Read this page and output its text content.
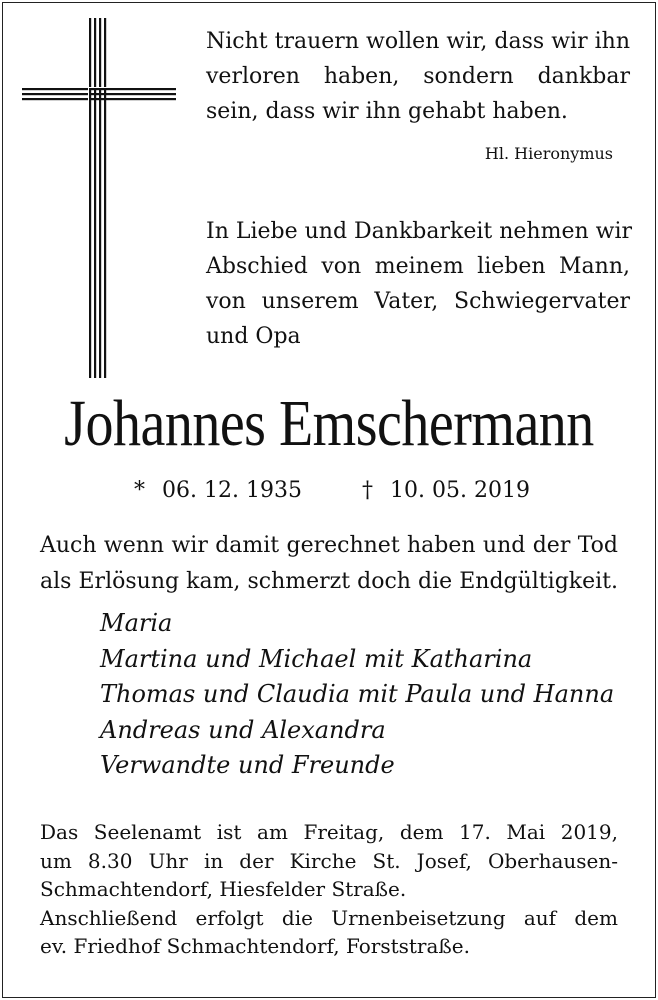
Nicht trauern wollen wir, dass wir ihn verloren haben, sondern dankbar sein, dass wir ihn gehabt haben.
Hl. Hieronymus
In Liebe und Dankbarkeit nehmen wir
Abschied von meinem lieben Mann,
von unserem Vater, Schwiegervater
und Opa
Johannes Emschermann
* 06. 12. 1935	† 10. 05. 2019
Auch wenn wir damit gerechnet haben und der Tod
als Erlösung kam, schmerzt doch die Endgültigkeit.
Maria
Martina und Michael mit Katharina
Thomas und Claudia mit Paula und Hanna
Andreas und Alexandra
Verwandte und Freunde
Das Seelenamt ist am Freitag, dem 17. Mai 2019,
um 8.30 Uhr in der Kirche St. Josef, Oberhausen-
Schmachtendorf, Hiesfelder Straße.
Anschließend erfolgt die Urnenbeisetzung auf dem
ev. Friedhof Schmachtendorf, Forststraße.
